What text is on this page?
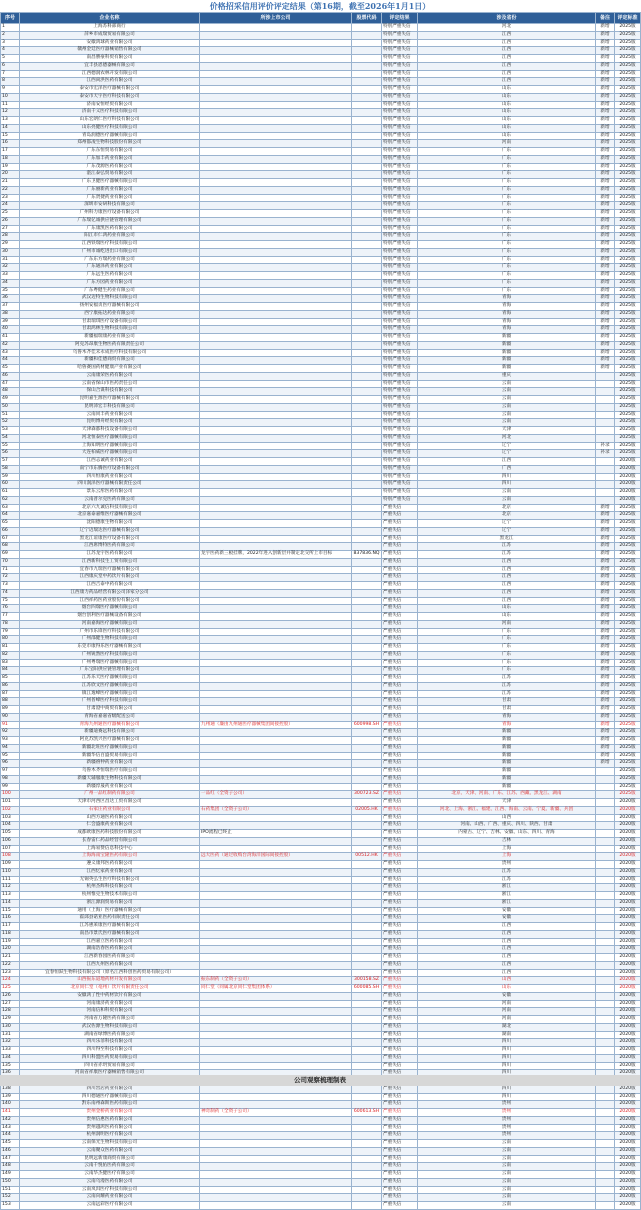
价格招采信用评价评定结果（第16期，截至2026年1月1日）
序号	企业名称	所涉上市公司	股票代码	评定结果	涉及省份	备注	评定标准
1	上海苏科部商行			特别严重失信	河北	新增	2025版
2	萍乡市成瑞贸易有限公司			特别严重失信	江西	新增	2025版
3	安徽鸿球药业有限公司			特别严重失信	江西	新增	2025版
4	赣州金廷医疗器械销售有限公司			特别严重失信	江西	新增	2025版
5	南昌勝豪科贸有限公司			特别严重失信	江西	新增	2025版
6	宜丰县恩德器械有限公司			特别严重失信	江西	新增	2025版
7	江西德润农林开发有限公司			特别严重失信	江西	新增	2025版
8	江西尚洪医药有限公司			特别严重失信	江西	新增	2025版
9	泰安市宏泽医疗器械有限公司			特别严重失信	山东	新增	2025版
10	泰安市天宇医疗科技有限公司			特别严重失信	山东	新增	2025版
11	济南安恒经贸有限公司			特别严重失信	山东	新增	2025版
12	济南千义医疗科技有限公司			特别严重失信	山东	新增	2025版
13	山东宏朗仁医疗科技有限公司			特别严重失信	山东	新增	2025版
14	山东亮健医疗科技有限公司			特别严重失信	山东	新增	2025版
15	青岛润德医疗器械有限公司			特别严重失信	山东	新增	2025版
16	郑州都凌生物科技股份有限公司			特别严重失信	河南	新增	2025版
17	广东东恒贸易有限公司			特别严重失信	广东	新增	2025版
18	广东加丰药业有限公司			特别严重失信	广东	新增	2025版
19	广东茂源医药有限公司			特别严重失信	广东	新增	2025版
20	湛江泰弘贸易有限公司			特别严重失信	广东	新增	2025版
21	广东卫健医疗器械有限公司			特别严重失信	广东	新增	2025版
22	广东丽新药业有限公司			特别严重失信	广东	新增	2025版
23	广东贤捷药业有限公司			特别严重失信	广东	新增	2025版
24	深圳市安研科技有限公司			特别严重失信	广东	新增	2025版
25	广州科力康医疗设备有限公司			特别严重失信	广东	新增	2025版
26	广东瑞亿诚供应链管理有限公司			特别严重失信	广东	新增	2025版
27	广东康凯医药有限公司			特别严重失信	广东	新增	2025版
28	阳江市仁鸿药业有限公司			特别严重失信	广东	新增	2025版
29	江西铁瑞医疗科技有限公司			特别严重失信	广东	新增	2025版
30	广州市诚屹进出口有限公司			特别严重失信	广东	新增	2025版
31	广东东方瑞药业有限公司			特别严重失信	广东	新增	2025版
32	广东通泽药业有限公司			特别严重失信	广东	新增	2025版
33	广东远生医药有限公司			特别严重失信	广东	新增	2025版
34	广东方园药业有限公司			特别严重失信	广东	新增	2025版
35	广东粤健生药业有限公司			特别严重失信	广东	新增	2025版
36	武汉迈特生物科技有限公司			特别严重失信	青海	新增	2025版
37	扬州安福贞医疗器械有限公司			特别严重失信	青海	新增	2025版
38	西宁康拓达药业有限公司			特别严重失信	青海	新增	2025版
39	甘肃瑞琪医疗设备有限公司			特别严重失信	青海	新增	2025版
40	甘肃鸿林生物科技有限公司			特别严重失信	青海	新增	2025版
41	新疆福瑞康药业有限公司			特别严重失信	新疆	新增	2025版
42	阿克苏昂康生物医药有限责任公司			特别严重失信	新疆	新增	2025版
43	乌鲁木齐佳禾永成医疗科技有限公司			特别严重失信	新疆	新增	2025版
44	新疆和佳德商贸有限公司			特别严重失信	新疆	新增	2025版
45	哈鲁赛国药材健康产业有限公司			特别严重失信	新疆	新增	2025版
46	云南康荣医药有限公司			特别严重失信	重庆		2025版
47	云南省保山市医药责任公司			特别严重失信	云南		2025版
48	保山合谋科技有限公司			特别严重失信	云南		2025版
49	昆明嘉生源医疗器械有限公司			特别严重失信	云南		2025版
50	昆明沛宏丰科技有限公司			特别严重失信	云南		2025版
51	云南同丰药业有限公司			特别严重失信	云南		2025版
52	昆明博舟经贸有限公司			特别严重失信	云南		2025版
53	天津森都科技设备有限公司			特别严重失信	天津		2025版
54	河北恒泰医疗器械有限公司			特别严重失信	河北		2025版
55	上海知明医疗器械有限公司			特别严重失信	辽宁	补录	2025版
56	大连柏威医疗器械有限公司			特别严重失信	辽宁	补录	2025版
57	江西志诚药业有限公司			特别严重失信	江西		2020版
58	南宁市东腾医疗设备有限公司			特别严重失信	广西		2020版
59	四川恒康药业有限公司			特别严重失信	四川		2020版
60	四川润泽医疗器械有限责任公司			特别严重失信	四川		2020版
61	景东云彤医药有限公司			特别严重失信	云南		2020版
62	云南普尔克医药有限公司			特别严重失信	云南		2020版
63	北京六九诚信科技有限公司			严重失信	北京	新增	2025版
64	北京嘉泰嘉维医疗器械有限公司			严重失信	北京	新增	2025版
65	沈阳德康生物有限公司			严重失信	辽宁	新增	2025版
66	辽宁迈瑞达医疗器械有限公司			严重失信	辽宁	新增	2025版
67	黑龙江谊康医疗设备有限公司			严重失信	黑龙江	新增	2025版
68	江西席博特医药有限公司			严重失信	江苏	新增	2025版
69	江苏龙宇医药有限公司	龙宇医药新三板挂牌，2022年进入创新层并制定北交所上市目标	837836.NQ	严重失信	江苏	新增	2025版
70	江西新科技生工贸有限公司			严重失信	江西	新增	2025版
71	宜春市九瑞医疗器械有限公司			严重失信	江西	新增	2025版
72	江西康庆堂中药饮片有限公司			严重失信	江西	新增	2025版
73	江西吉泰中药有限公司			严重失信	江西	新增	2025版
74	江西康力药品经营有限公司泽家分公司			严重失信	江西	新增	2025版
75	江西祥药医药业股份有限公司			严重失信	江西	新增	2025版
76	烟台四瑞医疗器械有限公司			严重失信	山东	新增	2025版
77	烟台创利医疗器械设备有限公司			严重失信	山东	新增	2025版
78	河南嘉海医疗器械有限公司			严重失信	河南	新增	2025版
79	广州市乐锋医疗科技有限公司			严重失信	广东	新增	2025版
80	广州邵健生物科技有限公司			严重失信	广东	新增	2025版
81	东莞市康得乐医疗器械有限公司			严重失信	广东	新增	2025版
82	广州锐然医疗科技有限公司			严重失信	广东	新增	2025版
83	广州粤瑞医疗器械有限公司			严重失信	广东	新增	2025版
84	广东宝阳供应链管理有限公司			严重失信	广东	新增	2025版
85	江苏乐天医疗器械有限公司			严重失信	江苏	新增	2025版
86	江苏欣文医疗器械有限公司			严重失信	江苏	新增	2025版
87	镇江逸峰医疗器械有限公司			严重失信	江苏	新增	2025版
88	广州普峰医疗科技有限公司			严重失信	甘肃	新增	2025版
89	甘肃澄中商贸有限公司			严重失信	甘肃	新增	2025版
90	青海省嘉嘉省级配送公司			严重失信	青海	新增	2025版
91	青海九州通医疗器械有限公司	九州通（廉由九州通医疗器械集团间接控股）	600998.SH	严重失信	青海	新增	2025版
92	新疆迪赛远科技有限公司			严重失信	新疆	新增	2025版
93	阿克苏凯兴医疗器械有限公司			严重失信	新疆	新增	2025版
94	新疆北旺医疗器械有限公司			严重失信	新疆	新增	2025版
95	新疆华信百盛贸易有限公司			严重失信	新疆	新增	2025版
96	新疆禧仲药业有限公司			严重失信	新疆	新增	2025版
97	乌鲁木齐恒瑞医疗有限公司			严重失信	新疆		2025版
98	新疆天辅服康生物科技有限公司			严重失信	新疆		2025版
99	新疆淳晟药业有限公司			严重失信	新疆		2025版
100	广州一品红制药有限公司	一品红（全资子公司）	300723.SZ	严重失信	北京、天津、河南、广东、江苏、西藏、黑龙江、湖南		2025版
101	天津市河西区昌达工贸有限公司			严重失信	天津		2020版
102	石家庄药业有限公司	石药集团（全资子公司）	02005.HK	严重失信	河北、上海、浙江、福建、江西、海南、云南、宁夏、新疆、兵团		2020版
103	山西方通医药有限公司			严重失信	山西		2020版
104	仁会盛康药业有限公司			严重失信	河南、山西、广西、重庆、四川、陕西、甘肃		2020版
105	成都欧康医药科技股份有限公司	IPO流程已终止		严重失信	内蒙古、辽宁、吉林、安徽、山东、四川、青海		2020版
106	长春雷仁药品经营有限公司			严重失信	吉林		2020版
107	上海易赞信息科技中心			严重失信	上海		2020版
108	上海海南宝隆医药有限公司	远大医药（通过收购台湾海洋国际间接控股）	00512.HK	严重失信	上海		2020版
109	遵义康邦医药有限公司			严重失信	贵州		2020版
110	江西忆家药业有限公司			严重失信	江苏		2020版
111	无锡英弘生医疗科技有限公司			严重失信	江苏		2020版
112	杭州杰辉科技有限公司			严重失信	浙江		2020版
113	杭州惟克生物技术有限公司			严重失信	浙江		2020版
114	浙江源润贸易有限公司			严重失信	浙江		2020版
115	通用（上海）医疗器械有限公司			严重失信	安徽		2020版
116	霍邱县诺亚医药有限责任公司			严重失信	安徽		2020版
117	江苏惠莱康医疗器械有限公司			严重失信	江西		2020版
118	南昌市景氏医疗器械有限公司			严重失信	江西		2020版
119	江西嘉立医药有限公司			严重失信	江西		2020版
120	湖南浩春医药有限公司			严重失信	江西		2020版
121	江西新春园医药有限公司			严重失信	江西		2020版
122	江西九州医药有限公司			严重失信	江西		2020版
123	宜春恒跃生物科技有限公司（原名江西科创医药贸易有限公司）			严重失信	江西		2020版
124	山西振东道地药材开发有限公司	振东制药（全资子公司）	300158.SZ	严重失信	山西		2020版
125	北京同仁堂（亳州）饮片有限责任公司	同仁堂（同属北京同仁堂集团体系）	600085.SH	严重失信	山东		2020版
126	安徽鸿了性中药材饮片有限公司			严重失信	安徽		2020版
127	河南康济药业有限公司			严重失信	河南		2020版
128	河南信和科贸有限公司			严重失信	河南		2020版
129	河南省万隆医药有限公司			严重失信	河南		2020版
130	武汉佐源生物科技有限公司			严重失信	湖北		2020版
131	湖南省绿博医药有限公司			严重失信	湖南		2020版
132	四川乐菲科技有限公司			严重失信	四川		2020版
133	四川得至科技有限公司			严重失信	四川		2020版
134	四川科盟医药贸易有限公司			严重失信	四川		2020版
135	四川省赤玥贸易有限公司			严重失信	四川		2020版
136	河南省祥康医疗器械销售有限公司			严重失信	四川		2020版

138	四川营店药业有限公司			严重失信	四川		2020版
139	四川德通医疗器械有限公司			严重失信	四川		2020版
140	黔东南州森斯医药有限公司			严重失信	贵州		2020版
141	贵州金桥药业有限公司	神奇制药（全资子公司）	600613.SH	严重失信	贵州		2020版
142	贵州信惠医药有限公司			严重失信	贵州		2020版
143	贵州越鸿医药有限公司			严重失信	贵州		2020版
144	杭州润明医疗有限公司			严重失信	贵州		2020版
145	云南保光生物科技有限公司			严重失信	云南		2020版
146	云南聚众医药有限公司			严重失信	云南		2020版
147	昆明远新康商贸有限公司			严重失信	云南		2020版
148	云南千悦佑医药有限公司			严重失信	云南		2020版
149	云南华杰健医疗有限公司			严重失信	云南		2020版
150	云南乌漫医药有限公司			严重失信	云南		2020版
151	云南岚洱医疗科技有限公司			严重失信	云南		2020版
152	云南向耀药业有限公司			严重失信	云南		2020版
153	云南远彩医疗有限公司			严重失信	云南		2020版
公司观察梳理制表
